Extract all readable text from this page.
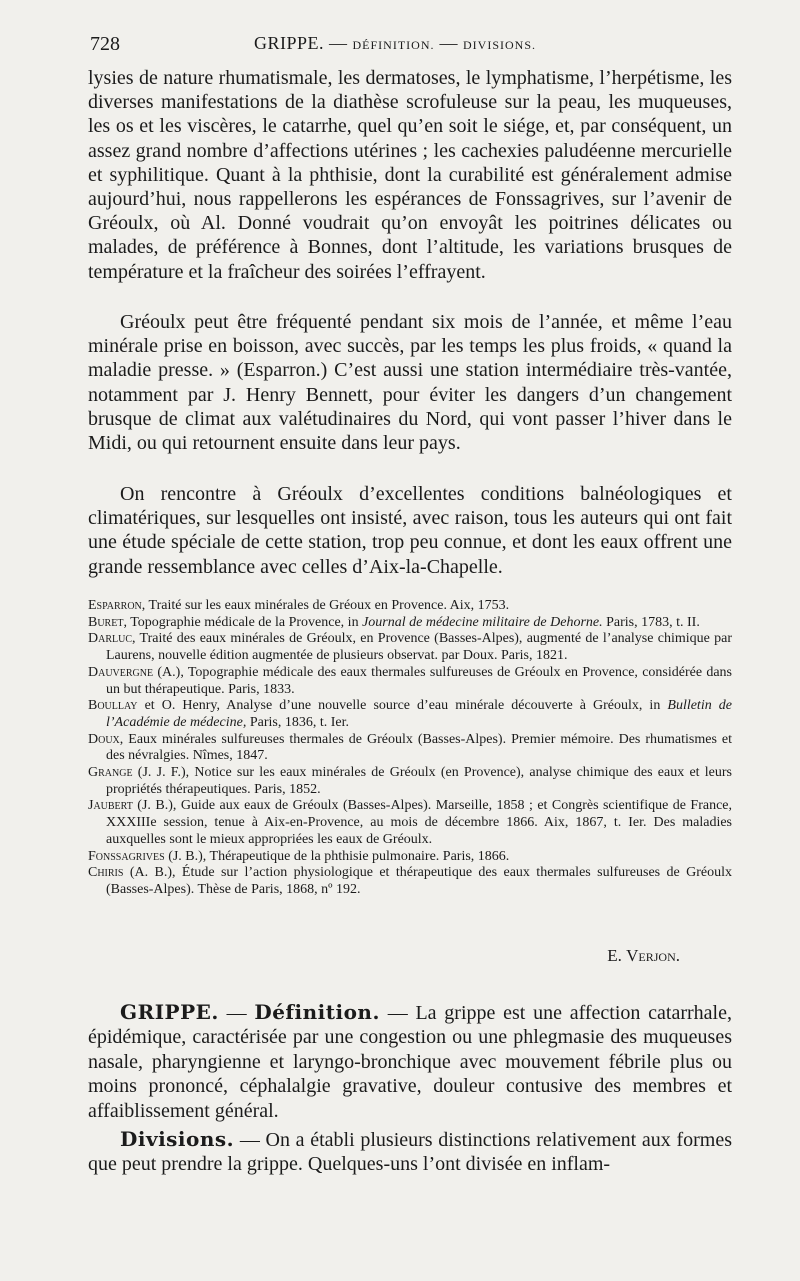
728	GRIPPE. — DÉFINITION. — DIVISIONS.

lysies de nature rhumatismale, les dermatoses, le lymphatisme, l’herpétisme, les diverses manifestations de la diathèse scrofuleuse sur la peau, les muqueuses, les os et les viscères, le catarrhe, quel qu’en soit le siége, et, par conséquent, un assez grand nombre d’affections utérines ; les cachexies paludéenne mercurielle et syphilitique. Quant à la phthisie, dont la curabilité est généralement admise aujourd’hui, nous rappellerons les espérances de Fonssagrives, sur l’avenir de Gréoulx, où Al. Donné voudrait qu’on envoyât les poitrines délicates ou malades, de préférence à Bonnes, dont l’altitude, les variations brusques de température et la fraîcheur des soirées l’effrayent.

Gréoulx peut être fréquenté pendant six mois de l’année, et même l’eau minérale prise en boisson, avec succès, par les temps les plus froids, « quand la maladie presse. » (Esparron.) C’est aussi une station intermédiaire très-vantée, notamment par J. Henry Bennett, pour éviter les dangers d’un changement brusque de climat aux valétudinaires du Nord, qui vont passer l’hiver dans le Midi, ou qui retournent ensuite dans leur pays.

On rencontre à Gréoulx d’excellentes conditions balnéologiques et climatériques, sur lesquelles ont insisté, avec raison, tous les auteurs qui ont fait une étude spéciale de cette station, trop peu connue, et dont les eaux offrent une grande ressemblance avec celles d’Aix-la-Chapelle.

Esparron, Traité sur les eaux minérales de Gréoux en Provence. Aix, 1753.

Buret, Topographie médicale de la Provence, in Journal de médecine militaire de Dehorne. Paris, 1783, t. II.

Darluc, Traité des eaux minérales de Gréoulx, en Provence (Basses-Alpes), augmenté de l’analyse chimique par Laurens, nouvelle édition augmentée de plusieurs observat. par Doux. Paris, 1821.

Dauvergne (A.), Topographie médicale des eaux thermales sulfureuses de Gréoulx en Provence, considérée dans un but thérapeutique. Paris, 1833.

Boullay et O. Henry, Analyse d’une nouvelle source d’eau minérale découverte à Gréoulx, in Bulletin de l’Académie de médecine, Paris, 1836, t. Ier.

Doux, Eaux minérales sulfureuses thermales de Gréoulx (Basses-Alpes). Premier mémoire. Des rhumatismes et des névralgies. Nîmes, 1847.

Grange (J. J. F.), Notice sur les eaux minérales de Gréoulx (en Provence), analyse chimique des eaux et leurs propriétés thérapeutiques. Paris, 1852.

Jaubert (J. B.), Guide aux eaux de Gréoulx (Basses-Alpes). Marseille, 1858 ; et Congrès scientifique de France, XXXIIIe session, tenue à Aix-en-Provence, au mois de décembre 1866. Aix, 1867, t. Ier. Des maladies auxquelles sont le mieux appropriées les eaux de Gréoulx.

Fonssagrives (J. B.), Thérapeutique de la phthisie pulmonaire. Paris, 1866.

Chiris (A. B.), Étude sur l’action physiologique et thérapeutique des eaux thermales sulfureuses de Gréoulx (Basses-Alpes). Thèse de Paris, 1868, nº 192.

E. Verjon.

GRIPPE. — Définition. — La grippe est une affection catarrhale, épidémique, caractérisée par une congestion ou une phlegmasie des muqueuses nasale, pharyngienne et laryngo-bronchique avec mouvement fébrile plus ou moins prononcé, céphalalgie gravative, douleur contusive des membres et affaiblissement général.

Divisions. — On a établi plusieurs distinctions relativement aux formes que peut prendre la grippe. Quelques-uns l’ont divisée en inflam-
